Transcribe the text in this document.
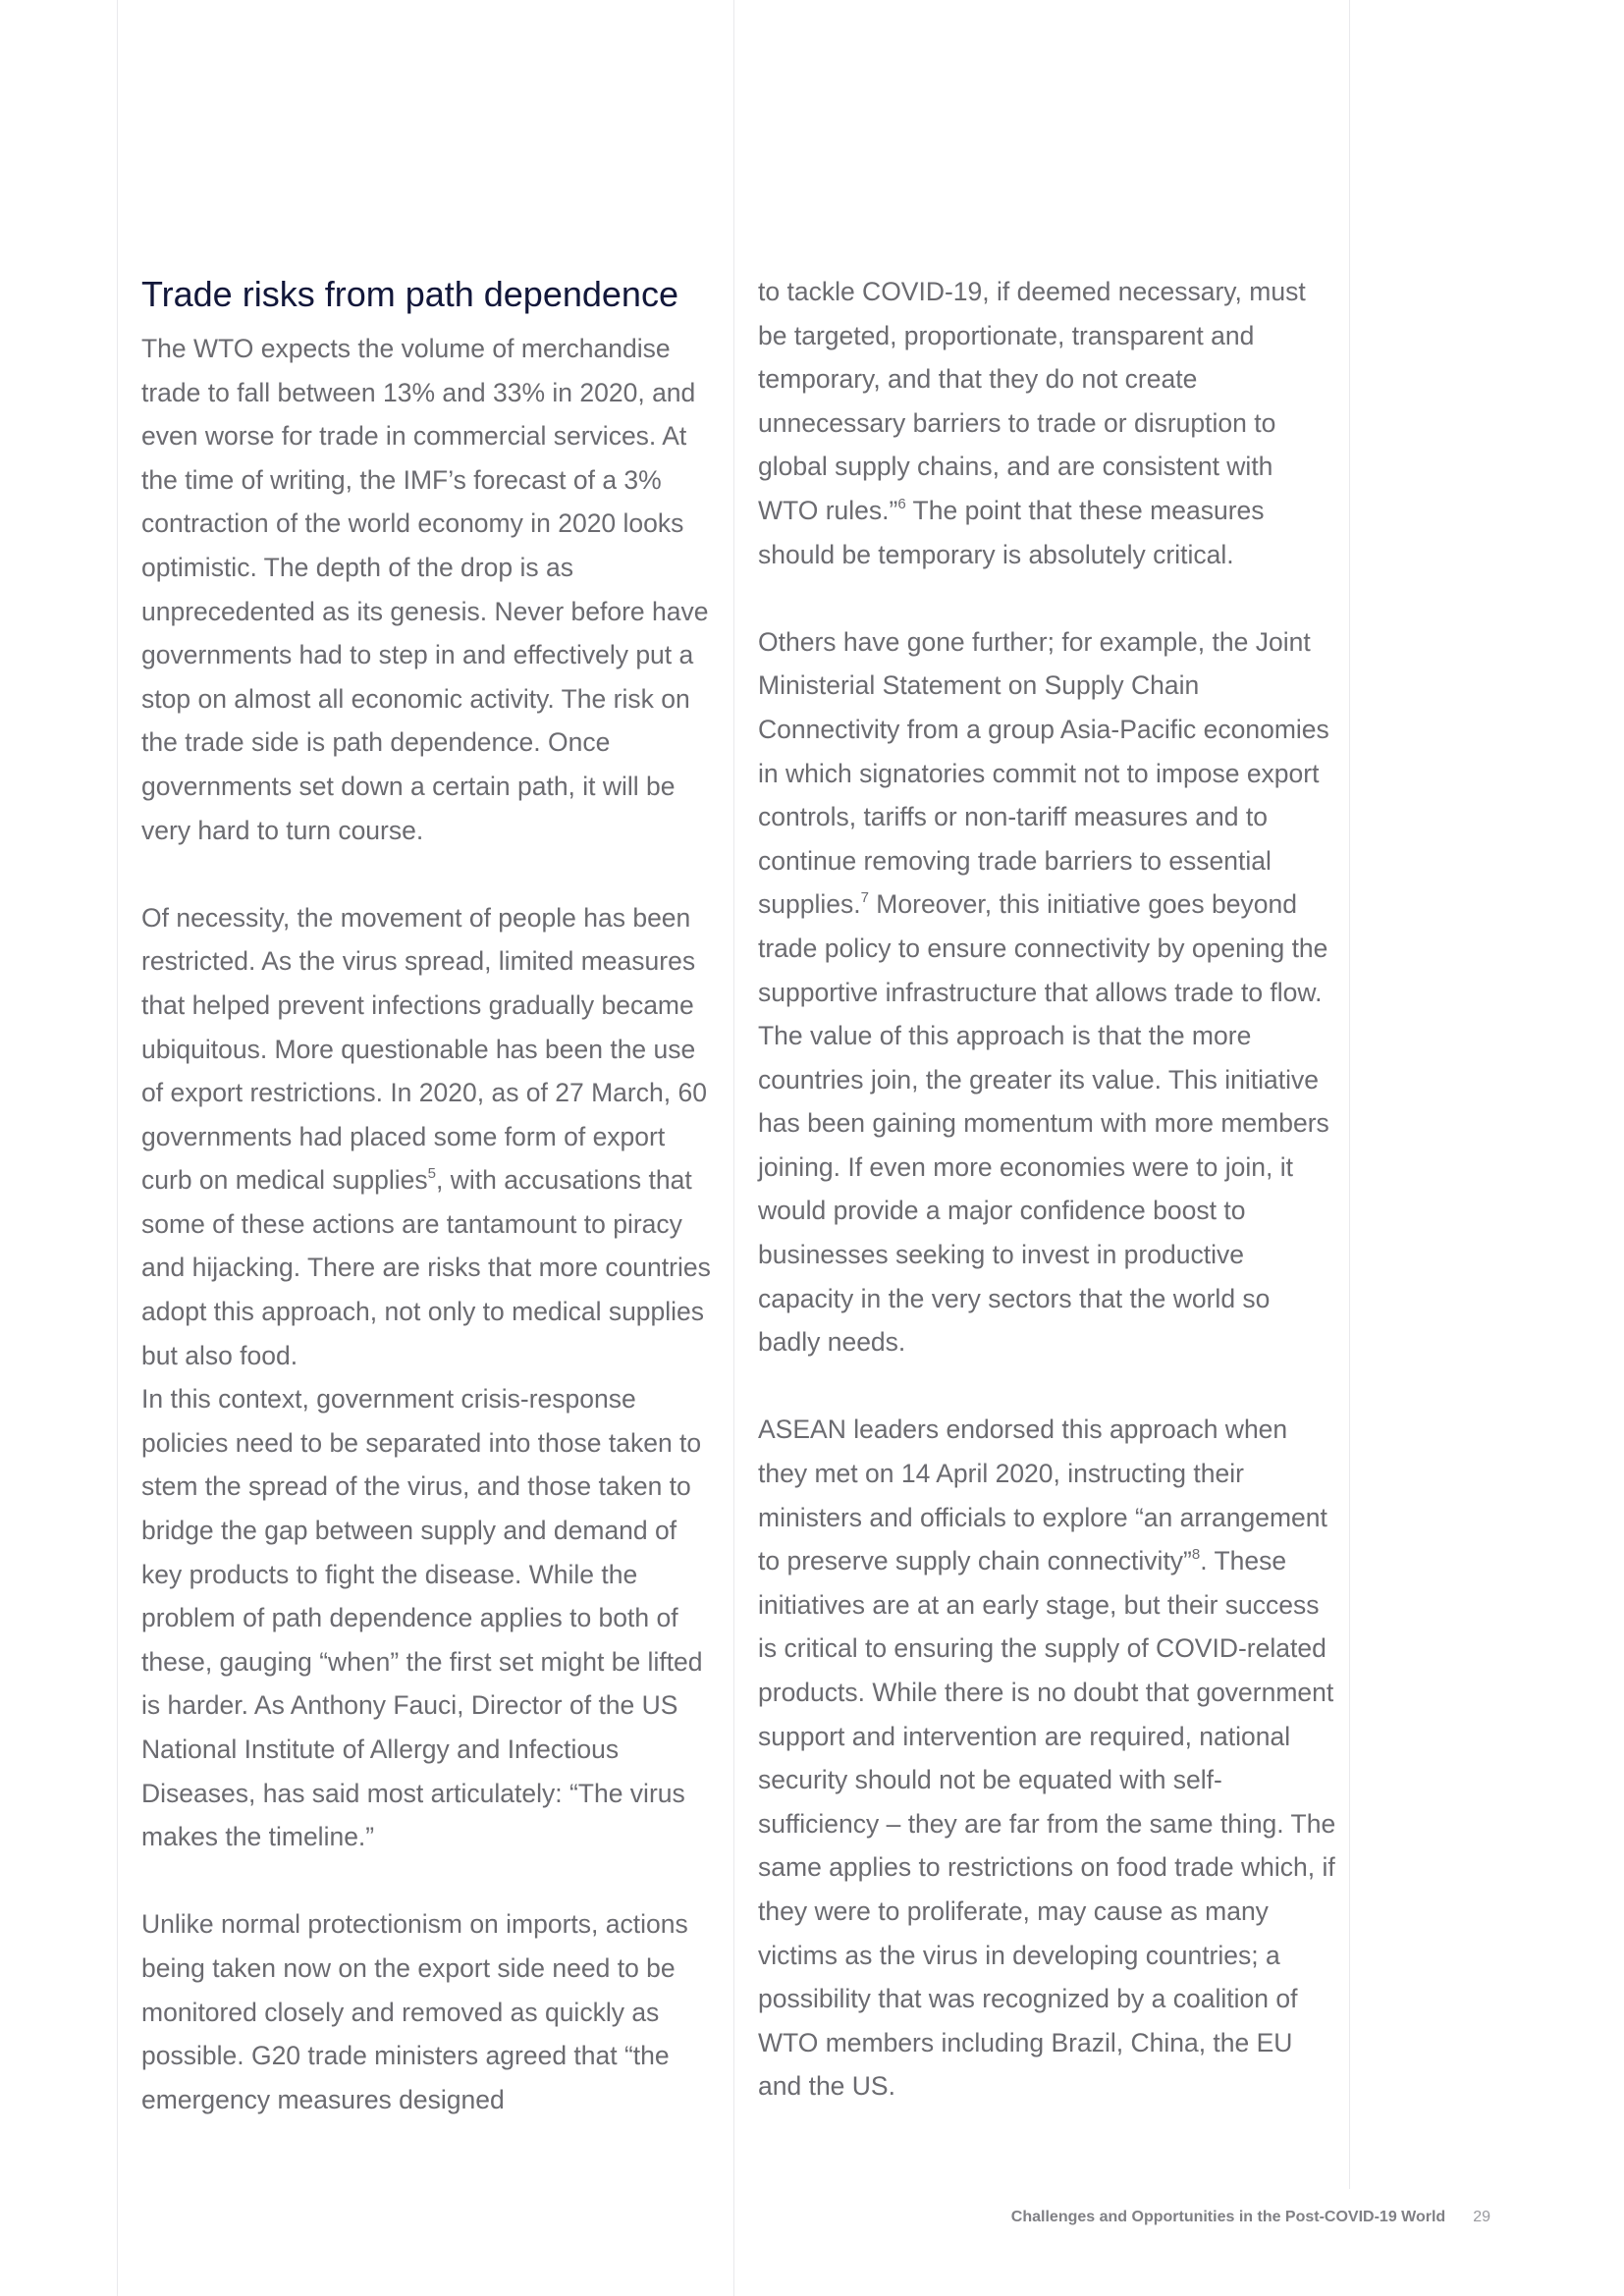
Trade risks from path dependence

The WTO expects the volume of merchandise trade to fall between 13% and 33% in 2020, and even worse for trade in commercial services. At the time of writing, the IMF’s forecast of a 3% contraction of the world economy in 2020 looks optimistic. The depth of the drop is as unprecedented as its genesis. Never before have governments had to step in and effectively put a stop on almost all economic activity. The risk on the trade side is path dependence. Once governments set down a certain path, it will be very hard to turn course.

Of necessity, the movement of people has been restricted. As the virus spread, limited measures that helped prevent infections gradually became ubiquitous. More questionable has been the use of export restrictions. In 2020, as of 27 March, 60 governments had placed some form of export curb on medical supplies$^5$, with accusations that some of these actions are tantamount to piracy and hijacking. There are risks that more countries adopt this approach, not only to medical supplies but also food.

In this context, government crisis-response policies need to be separated into those taken to stem the spread of the virus, and those taken to bridge the gap between supply and demand of key products to fight the disease. While the problem of path dependence applies to both of these, gauging “when” the first set might be lifted is harder. As Anthony Fauci, Director of the US National Institute of Allergy and Infectious Diseases, has said most articulately: “The virus makes the timeline.”

Unlike normal protectionism on imports, actions being taken now on the export side need to be monitored closely and removed as quickly as possible. G20 trade ministers agreed that “the emergency measures designed

to tackle COVID-19, if deemed necessary, must be targeted, proportionate, transparent and temporary, and that they do not create unnecessary barriers to trade or disruption to global supply chains, and are consistent with WTO rules.”$^6$ The point that these measures should be temporary is absolutely critical.

Others have gone further; for example, the Joint Ministerial Statement on Supply Chain Connectivity from a group Asia-Pacific economies in which signatories commit not to impose export controls, tariffs or non-tariff measures and to continue removing trade barriers to essential supplies.$^7$ Moreover, this initiative goes beyond trade policy to ensure connectivity by opening the supportive infrastructure that allows trade to flow. The value of this approach is that the more countries join, the greater its value. This initiative has been gaining momentum with more members joining. If even more economies were to join, it would provide a major confidence boost to businesses seeking to invest in productive capacity in the very sectors that the world so badly needs.

ASEAN leaders endorsed this approach when they met on 14 April 2020, instructing their ministers and officials to explore “an arrangement to preserve supply chain connectivity”$^8$. These initiatives are at an early stage, but their success is critical to ensuring the supply of COVID-related products. While there is no doubt that government support and intervention are required, national security should not be equated with self-sufficiency – they are far from the same thing. The same applies to restrictions on food trade which, if they were to proliferate, may cause as many victims as the virus in developing countries; a possibility that was recognized by a coalition of WTO members including Brazil, China, the EU and the US.

Challenges and Opportunities in the Post-COVID-19 World 29
